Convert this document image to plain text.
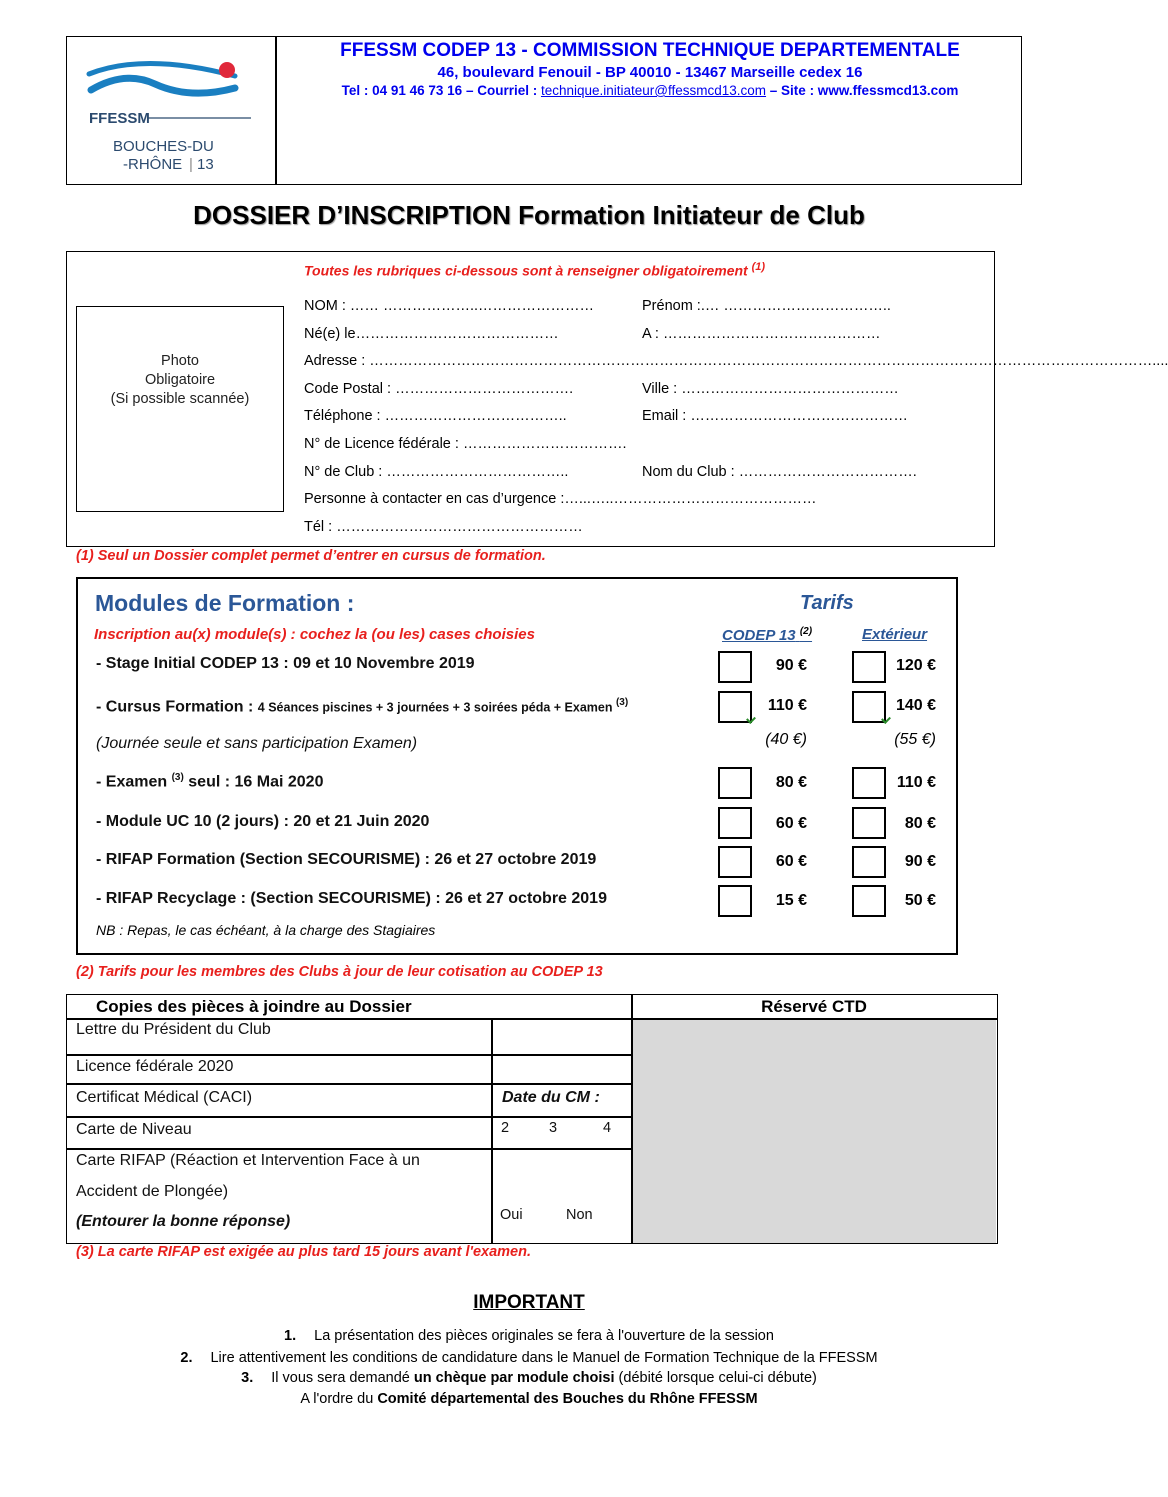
FFESSM
BOUCHES-DU
-RHÔNE | 13
FFESSM CODEP 13 - COMMISSION TECHNIQUE DEPARTEMENTALE
46, boulevard Fenouil - BP 40010 - 13467 Marseille cedex 16
Tel : 04 91 46 73 16 – Courriel : technique.initiateur@ffessmcd13.com – Site : www.ffessmcd13.com
DOSSIER D’INSCRIPTION Formation Initiateur de Club
Toutes les rubriques ci-dessous sont à renseigner obligatoirement $^{(1)}$
Photo
Obligatoire
(Si possible scannée)
NOM : …… ………………..……………………	Prénom :.… ……………………………..
Né(e) le……………………………………	A : ………………………………………
Adresse : ………………………………………………………………………………………………………………………………………………....
Code Postal : ……………………………….	Ville : ………………………………………
Téléphone : ………………………………..	Email : ………………………………………
N° de Licence fédérale : …………………………….
N° de Club : ………………………………..	Nom du Club : ……………………………….
Personne à contacter en cas d’urgence :…...…..……………………………………
Tél : ……………………………………………
(1) Seul un Dossier complet permet d’entrer en cursus de formation.
Modules de Formation :	Tarifs
Inscription au(x) module(s) : cochez la (ou les) cases choisies	CODEP 13 $^{(2)}$	Extérieur
- Stage Initial CODEP 13 : 09 et 10 Novembre 2019	90 €	120 €
- Cursus Formation : 4 Séances piscines + 3 journées + 3 soirées péda + Examen $^{(3)}$	110 €	140 €
(Journée seule et sans participation Examen)	(40 €)	(55 €)
- Examen $^{(3)}$ seul : 16 Mai 2020	80 €	110 €
- Module UC 10 (2 jours) : 20 et 21 Juin 2020	60 €	80 €
- RIFAP Formation (Section SECOURISME) : 26 et 27 octobre 2019	60 €	90 €
- RIFAP Recyclage : (Section SECOURISME) : 26 et 27 octobre 2019	15 €	50 €
NB : Repas, le cas échéant, à la charge des Stagiaires
(2) Tarifs pour les membres des Clubs à jour de leur cotisation au CODEP 13
Copies des pièces à joindre au Dossier	Réservé CTD
Lettre du Président du Club
Licence fédérale 2020
Certificat Médical (CACI)	Date du CM :
Carte de Niveau	2	3	4
Carte RIFAP (Réaction et Intervention Face à un
Accident de Plongée)
(Entourer la bonne réponse)	Oui	Non
(3) La carte RIFAP est exigée au plus tard 15 jours avant l'examen.
IMPORTANT
1. La présentation des pièces originales se fera à l'ouverture de la session
2. Lire attentivement les conditions de candidature dans le Manuel de Formation Technique de la FFESSM
3. Il vous sera demandé un chèque par module choisi (débité lorsque celui-ci débute)
A l'ordre du Comité départemental des Bouches du Rhône FFESSM
